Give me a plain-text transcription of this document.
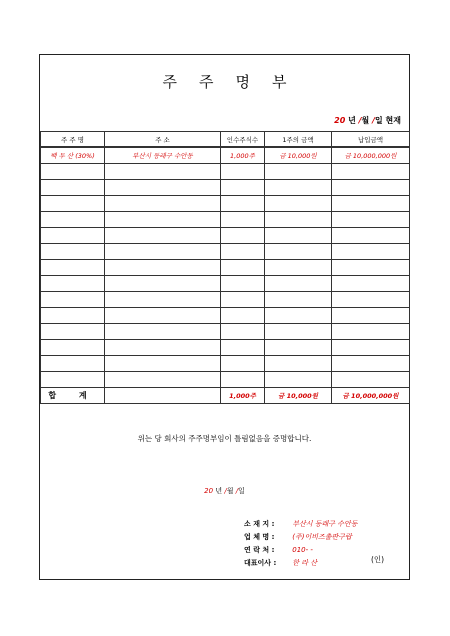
주 주 명 부
20 년 /월 /일 현재
주 주 명	주 소	인수주식수	1주의 금액	납입금액
백 두 산 (30%)	부산시 동래구 수안동	1,000주	금 10,000원	금 10,000,000원

합 계		1,000주	금 10,000원	금 10,000,000원
위는 당 회사의 주주명부임이 틀림없음을 증명합니다.
20 년 /월 /일
소 재 지 :	부산시 동래구 수안동
업 체 명 :	(주)이비즈출판구랍
연 락 처 :	010- -
대표이사 : 한 라 산	(인)
